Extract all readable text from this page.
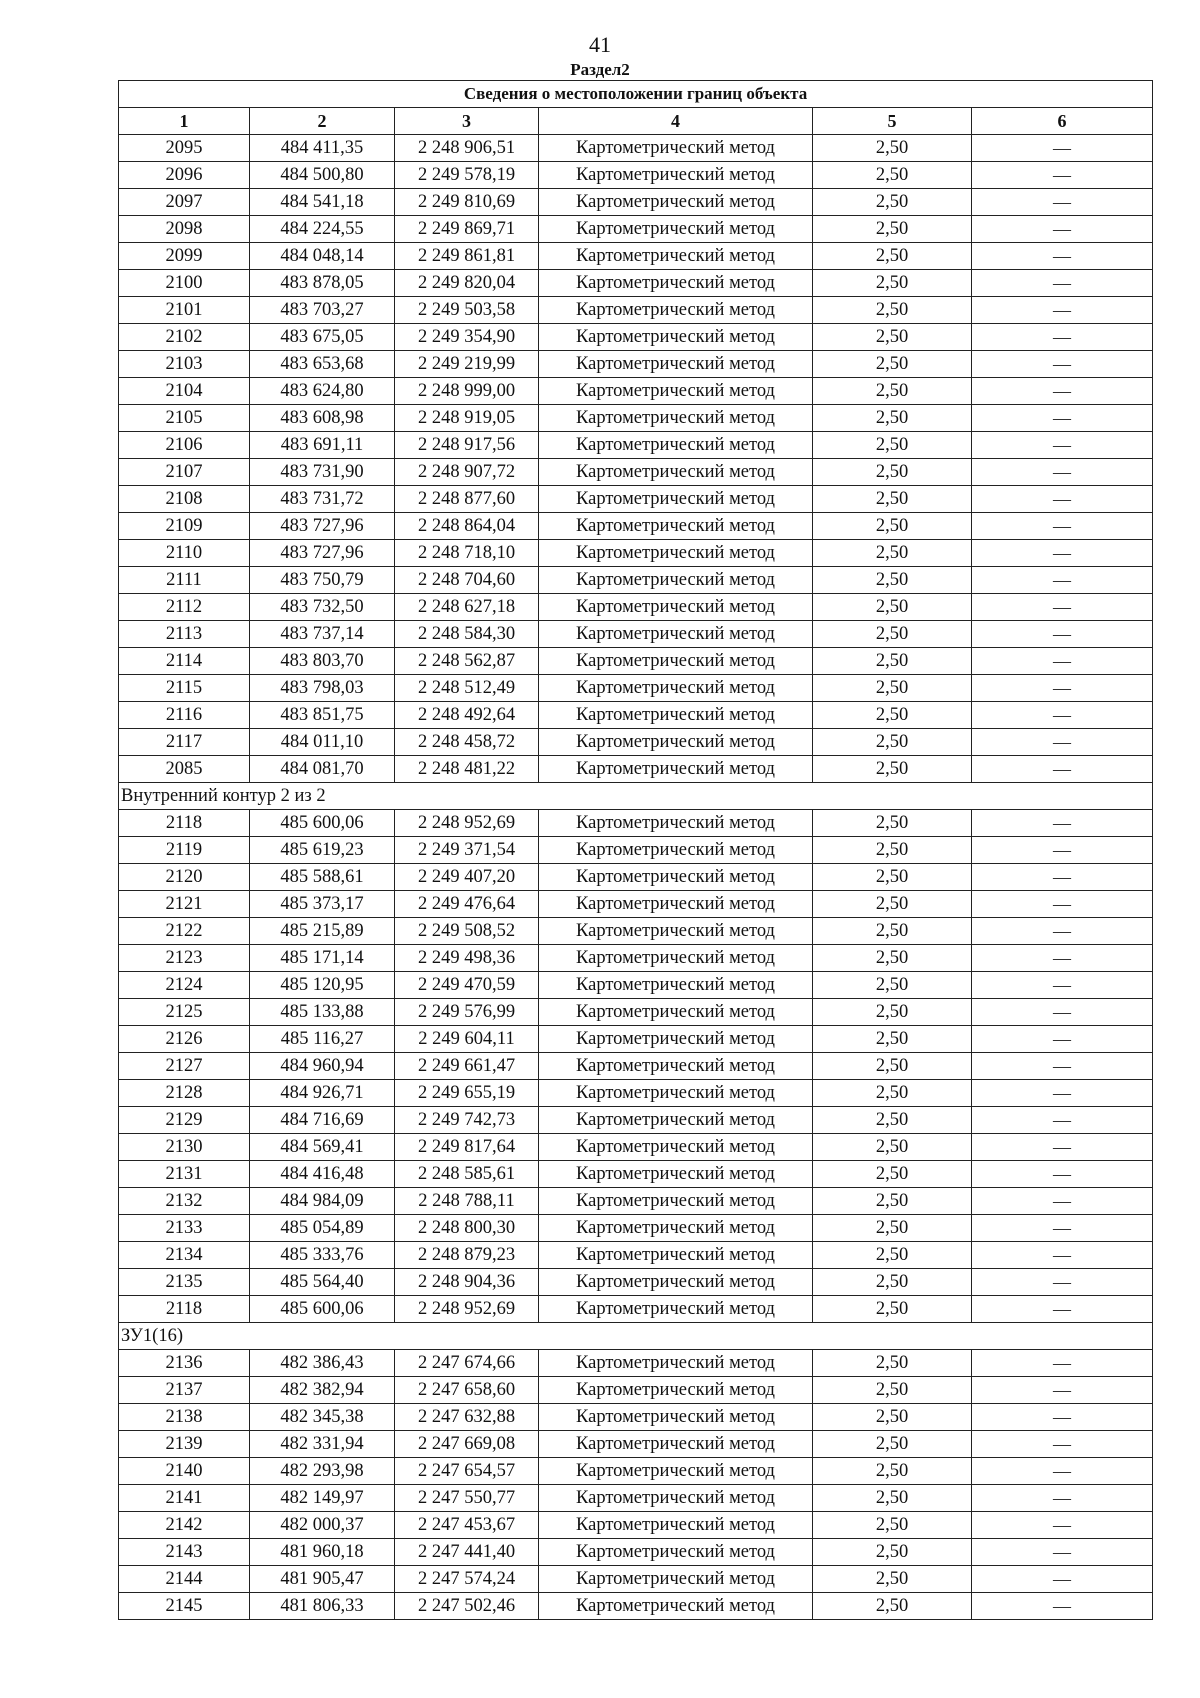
41
Раздел2
Сведения о местоположении границ объекта					
1	2	3	4	5	6
2095	484 411,35	2 248 906,51	Картометрический метод	2,50	—
2096	484 500,80	2 249 578,19	Картометрический метод	2,50	—
2097	484 541,18	2 249 810,69	Картометрический метод	2,50	—
2098	484 224,55	2 249 869,71	Картометрический метод	2,50	—
2099	484 048,14	2 249 861,81	Картометрический метод	2,50	—
2100	483 878,05	2 249 820,04	Картометрический метод	2,50	—
2101	483 703,27	2 249 503,58	Картометрический метод	2,50	—
2102	483 675,05	2 249 354,90	Картометрический метод	2,50	—
2103	483 653,68	2 249 219,99	Картометрический метод	2,50	—
2104	483 624,80	2 248 999,00	Картометрический метод	2,50	—
2105	483 608,98	2 248 919,05	Картометрический метод	2,50	—
2106	483 691,11	2 248 917,56	Картометрический метод	2,50	—
2107	483 731,90	2 248 907,72	Картометрический метод	2,50	—
2108	483 731,72	2 248 877,60	Картометрический метод	2,50	—
2109	483 727,96	2 248 864,04	Картометрический метод	2,50	—
2110	483 727,96	2 248 718,10	Картометрический метод	2,50	—
2111	483 750,79	2 248 704,60	Картометрический метод	2,50	—
2112	483 732,50	2 248 627,18	Картометрический метод	2,50	—
2113	483 737,14	2 248 584,30	Картометрический метод	2,50	—
2114	483 803,70	2 248 562,87	Картометрический метод	2,50	—
2115	483 798,03	2 248 512,49	Картометрический метод	2,50	—
2116	483 851,75	2 248 492,64	Картометрический метод	2,50	—
2117	484 011,10	2 248 458,72	Картометрический метод	2,50	—
2085	484 081,70	2 248 481,22	Картометрический метод	2,50	—
Внутренний контур 2 из 2					
2118	485 600,06	2 248 952,69	Картометрический метод	2,50	—
2119	485 619,23	2 249 371,54	Картометрический метод	2,50	—
2120	485 588,61	2 249 407,20	Картометрический метод	2,50	—
2121	485 373,17	2 249 476,64	Картометрический метод	2,50	—
2122	485 215,89	2 249 508,52	Картометрический метод	2,50	—
2123	485 171,14	2 249 498,36	Картометрический метод	2,50	—
2124	485 120,95	2 249 470,59	Картометрический метод	2,50	—
2125	485 133,88	2 249 576,99	Картометрический метод	2,50	—
2126	485 116,27	2 249 604,11	Картометрический метод	2,50	—
2127	484 960,94	2 249 661,47	Картометрический метод	2,50	—
2128	484 926,71	2 249 655,19	Картометрический метод	2,50	—
2129	484 716,69	2 249 742,73	Картометрический метод	2,50	—
2130	484 569,41	2 249 817,64	Картометрический метод	2,50	—
2131	484 416,48	2 248 585,61	Картометрический метод	2,50	—
2132	484 984,09	2 248 788,11	Картометрический метод	2,50	—
2133	485 054,89	2 248 800,30	Картометрический метод	2,50	—
2134	485 333,76	2 248 879,23	Картометрический метод	2,50	—
2135	485 564,40	2 248 904,36	Картометрический метод	2,50	—
2118	485 600,06	2 248 952,69	Картометрический метод	2,50	—
ЗУ1(16)					
2136	482 386,43	2 247 674,66	Картометрический метод	2,50	—
2137	482 382,94	2 247 658,60	Картометрический метод	2,50	—
2138	482 345,38	2 247 632,88	Картометрический метод	2,50	—
2139	482 331,94	2 247 669,08	Картометрический метод	2,50	—
2140	482 293,98	2 247 654,57	Картометрический метод	2,50	—
2141	482 149,97	2 247 550,77	Картометрический метод	2,50	—
2142	482 000,37	2 247 453,67	Картометрический метод	2,50	—
2143	481 960,18	2 247 441,40	Картометрический метод	2,50	—
2144	481 905,47	2 247 574,24	Картометрический метод	2,50	—
2145	481 806,33	2 247 502,46	Картометрический метод	2,50	—
